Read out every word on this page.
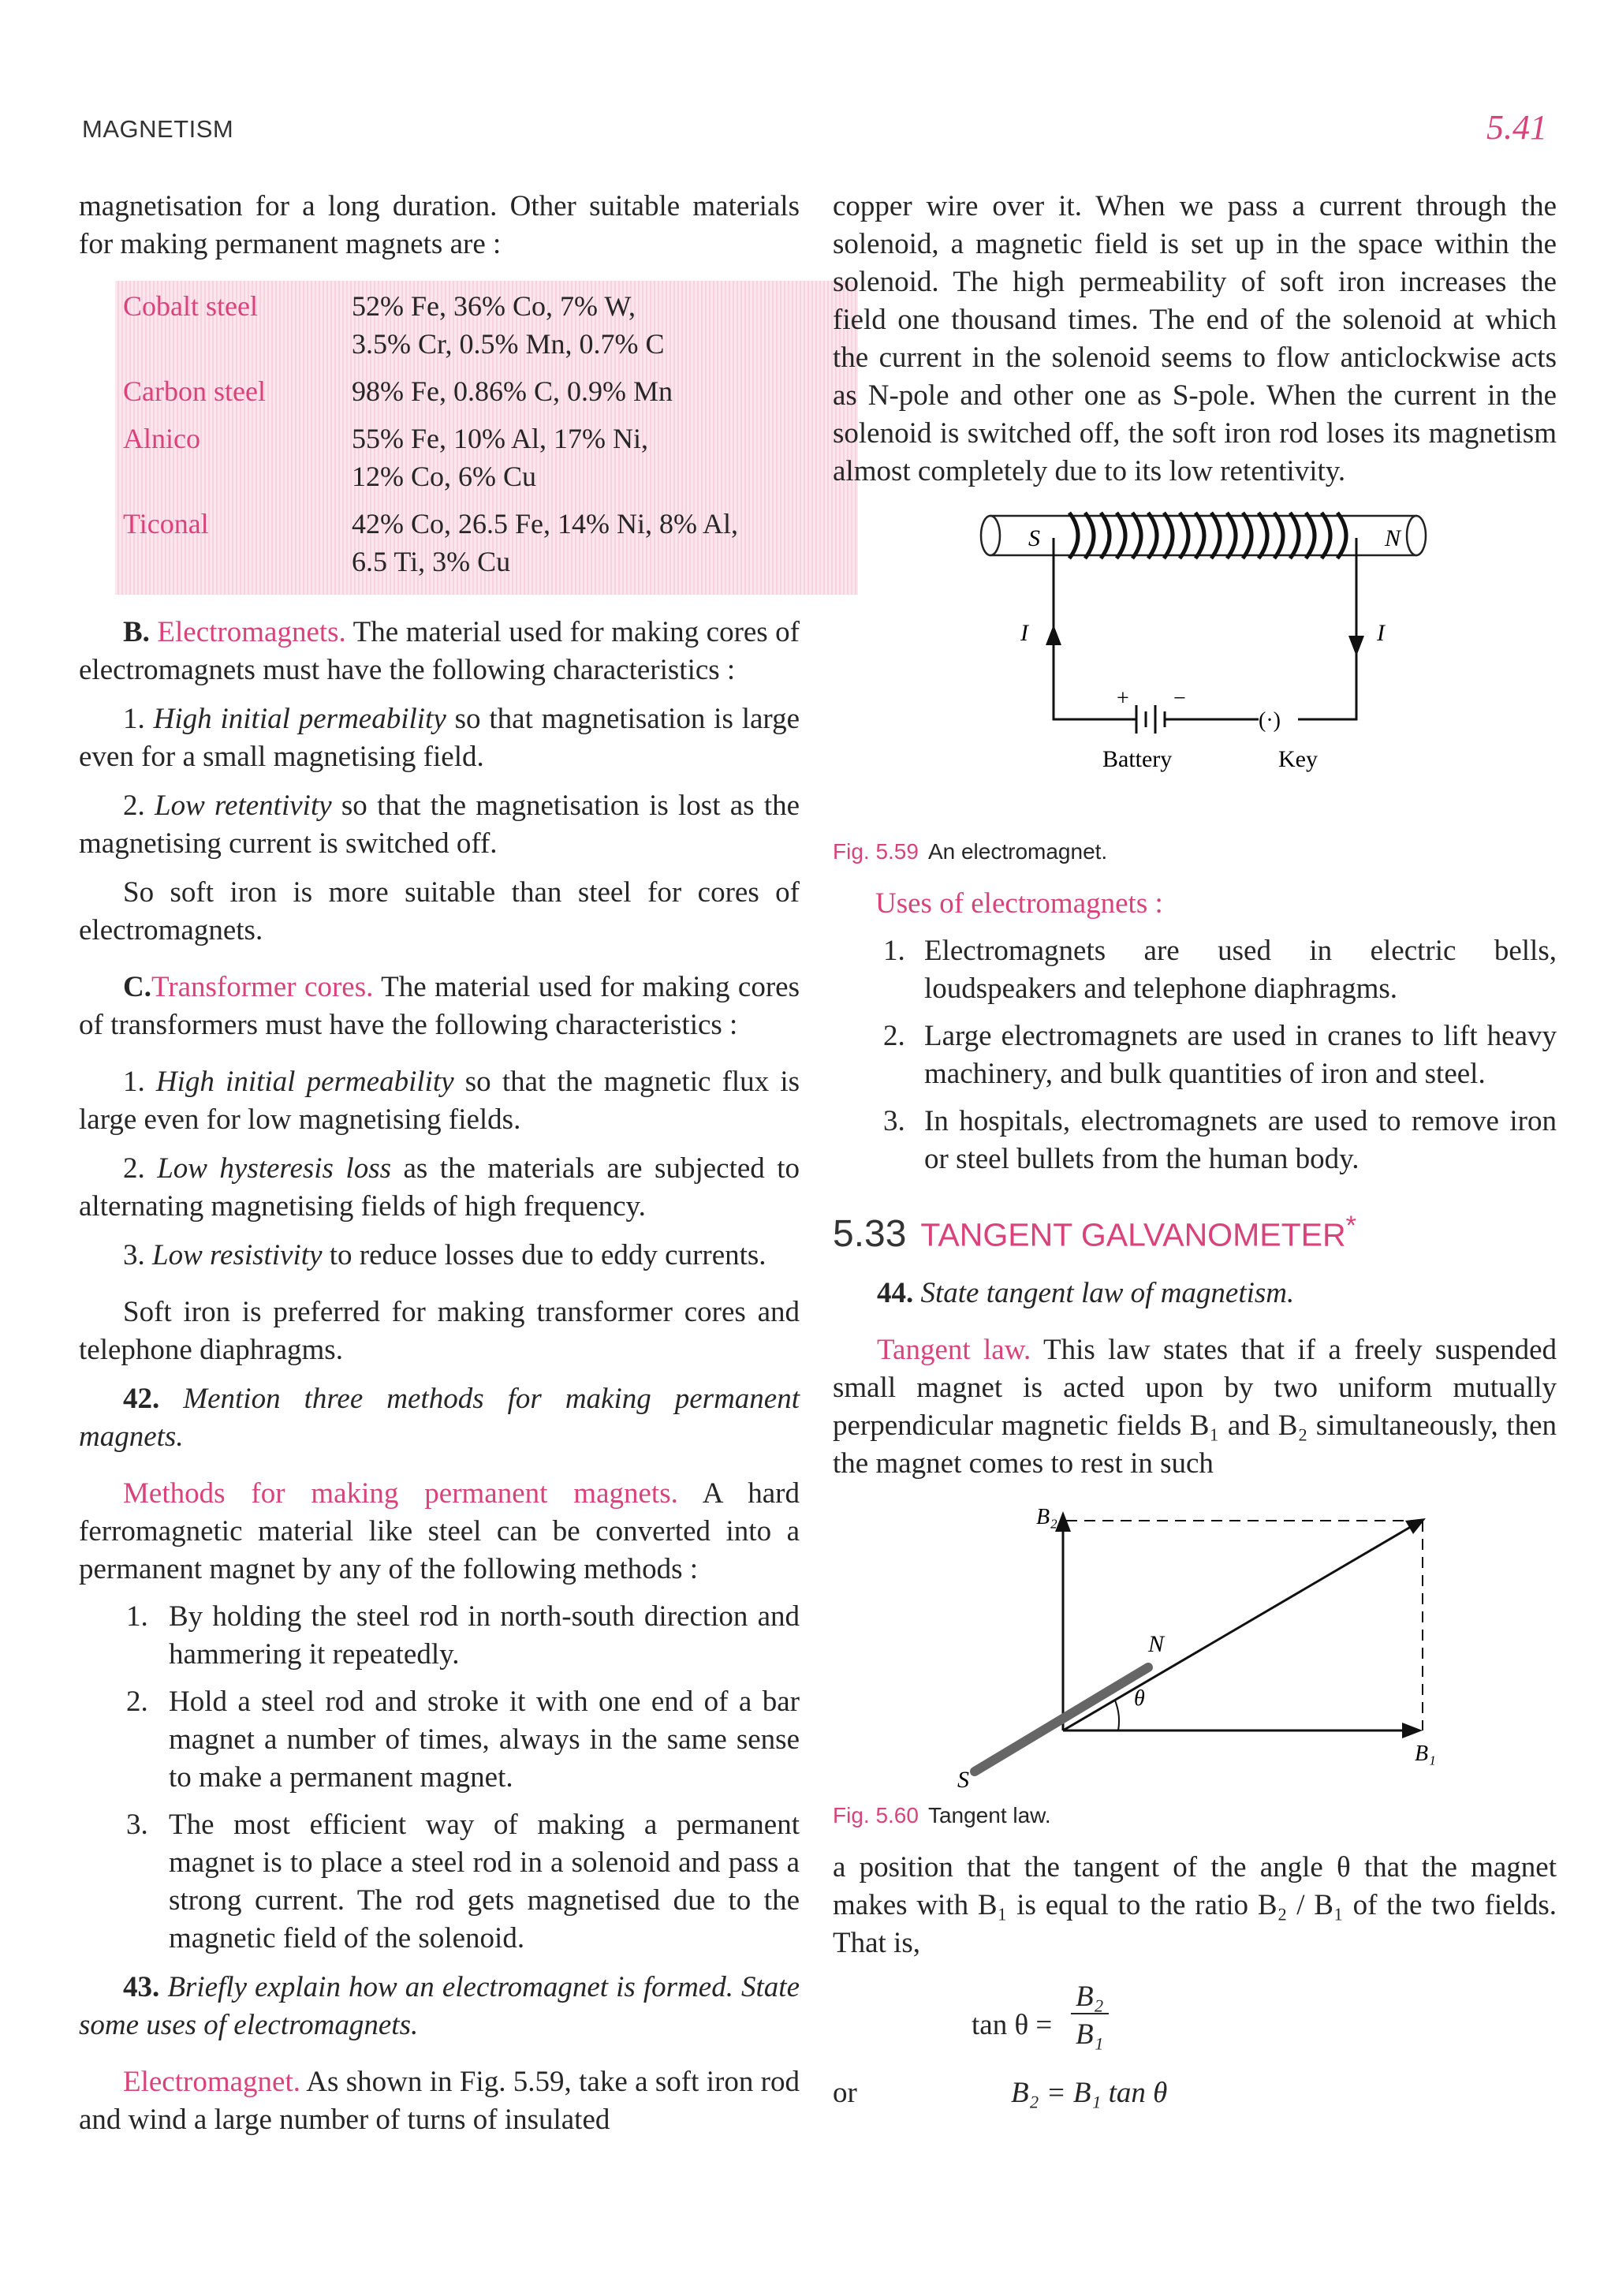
MAGNETISM	5.41

magnetisation for a long duration. Other suitable materials for making permanent magnets are :

Cobalt steel	52% Fe, 36% Co, 7% W,
3.5% Cr, 0.5% Mn, 0.7% C
Carbon steel	98% Fe, 0.86% C, 0.9% Mn
Alnico	55% Fe, 10% Al, 17% Ni,
12% Co, 6% Cu
Ticonal	42% Co, 26.5 Fe, 14% Ni, 8% Al,
6.5 Ti, 3% Cu

B. Electromagnets. The material used for making cores of electromagnets must have the following characteristics :

1. High initial permeability so that magnetisation is large even for a small magnetising field.

2. Low retentivity so that the magnetisation is lost as the magnetising current is switched off.

So soft iron is more suitable than steel for cores of electromagnets.

C.Transformer cores. The material used for making cores of transformers must have the following characteristics :

1. High initial permeability so that the magnetic flux is large even for low magnetising fields.

2. Low hysteresis loss as the materials are subjected to alternating magnetising fields of high frequency.

3. Low resistivity to reduce losses due to eddy currents.

Soft iron is preferred for making transformer cores and telephone diaphragms.

42. Mention three methods for making permanent magnets.

Methods for making permanent magnets. A hard ferromagnetic material like steel can be converted into a permanent magnet by any of the following methods :

1. By holding the steel rod in north-south direction and hammering it repeatedly.
2. Hold a steel rod and stroke it with one end of a bar magnet a number of times, always in the same sense to make a permanent magnet.
3. The most efficient way of making a permanent magnet is to place a steel rod in a solenoid and pass a strong current. The rod gets magnetised due to the magnetic field of the solenoid.

43. Briefly explain how an electromagnet is formed. State some uses of electromagnets.

Electromagnet. As shown in Fig. 5.59, take a soft iron rod and wind a large number of turns of insulated

copper wire over it. When we pass a current through the solenoid, a magnetic field is set up in the space within the solenoid. The high permeability of soft iron increases the field one thousand times. The end of the solenoid at which the current in the solenoid seems to flow anticlockwise acts as N-pole and other one as S-pole. When the current in the solenoid is switched off, the soft iron rod loses its magnetism almost completely due to its low retentivity.

S	N
I	I
+ −
(·)
Battery	Key
Fig. 5.59 An electromagnet.

Uses of electromagnets :

1. Electromagnets are used in electric bells, loudspeakers and telephone diaphragms.
2. Large electromagnets are used in cranes to lift heavy machinery, and bulk quantities of iron and steel.
3. In hospitals, electromagnets are used to remove iron or steel bullets from the human body.
5.33 TANGENT GALVANOMETER*

44. State tangent law of magnetism.

Tangent law. This law states that if a freely suspended small magnet is acted upon by two uniform mutually perpendicular magnetic fields B₁ and B₂ simultaneously, then the magnet comes to rest in such

B₂
B₁
N
S
θ
Fig. 5.60 Tangent law.

a position that the tangent of the angle θ that the magnet makes with B₁ is equal to the ratio B₂ / B₁ of the two fields. That is,

tan θ =
B₂
B₁
or	B₂ = B₁ tan θ
